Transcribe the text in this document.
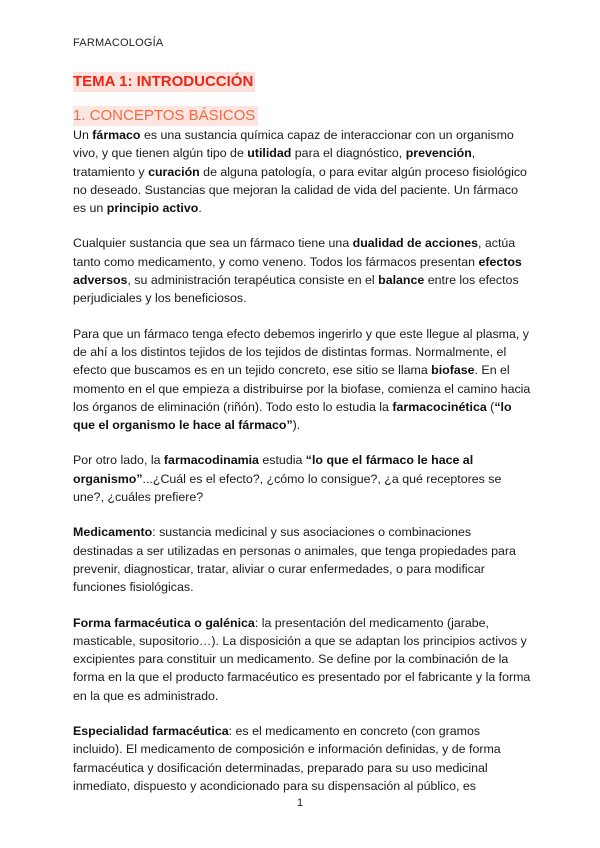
FARMACOLOGÍA
TEMA 1: INTRODUCCIÓN
1. CONCEPTOS BÁSICOS

Un fármaco es una sustancia química capaz de interaccionar con un organismo vivo, y que tienen algún tipo de utilidad para el diagnóstico, prevención, tratamiento y curación de alguna patología, o para evitar algún proceso fisiológico no deseado. Sustancias que mejoran la calidad de vida del paciente. Un fármaco es un principio activo.

Cualquier sustancia que sea un fármaco tiene una dualidad de acciones, actúa tanto como medicamento, y como veneno. Todos los fármacos presentan efectos adversos, su administración terapéutica consiste en el balance entre los efectos perjudiciales y los beneficiosos.

Para que un fármaco tenga efecto debemos ingerirlo y que este llegue al plasma, y de ahí a los distintos tejidos de los tejidos de distintas formas. Normalmente, el efecto que buscamos es en un tejido concreto, ese sitio se llama biofase. En el momento en el que empieza a distribuirse por la biofase, comienza el camino hacia los órganos de eliminación (riñón). Todo esto lo estudia la farmacocinética (“lo que el organismo le hace al fármaco”).

Por otro lado, la farmacodinamia estudia “lo que el fármaco le hace al organismo”...¿Cuál es el efecto?, ¿cómo lo consigue?, ¿a qué receptores se une?, ¿cuáles prefiere?

Medicamento: sustancia medicinal y sus asociaciones o combinaciones destinadas a ser utilizadas en personas o animales, que tenga propiedades para prevenir, diagnosticar, tratar, aliviar o curar enfermedades, o para modificar funciones fisiológicas.

Forma farmacéutica o galénica: la presentación del medicamento (jarabe, masticable, supositorio…). La disposición a que se adaptan los principios activos y excipientes para constituir un medicamento. Se define por la combinación de la forma en la que el producto farmacéutico es presentado por el fabricante y la forma en la que es administrado.

Especialidad farmacéutica: es el medicamento en concreto (con gramos incluido). El medicamento de composición e información definidas, y de forma farmacéutica y dosificación determinadas, preparado para su uso medicinal inmediato, dispuesto y acondicionado para su dispensación al público, es

1
